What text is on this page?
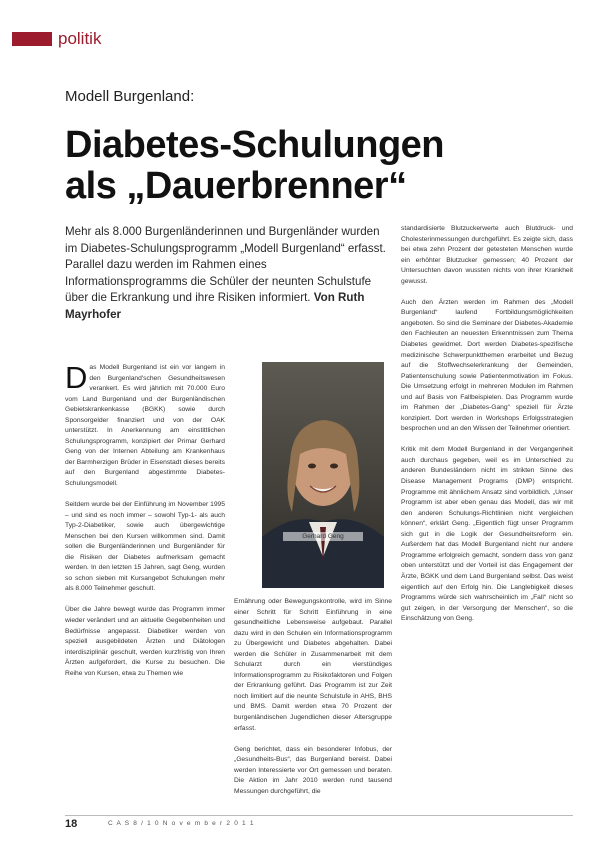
politik
Modell Burgenland:
Diabetes-Schulungen
als „Dauerbrenner“
Mehr als 8.000 Burgenländerinnen und Burgenländer wurden im Diabetes-Schulungsprogramm „Modell Burgenland“ erfasst. Parallel dazu werden im Rahmen eines Informationsprogramms die Schüler der neunten Schulstufe über die Erkrankung und ihre Risiken informiert. Von Ruth Mayrhofer

Das Modell Burgenland ist ein vor langem in den Burgenland'schen Gesundheitswesen verankert. Es wird jährlich mit 70.000 Euro vom Land Burgenland und der Burgenländischen Gebietskrankenkasse (BGKK) sowie durch Sponsorgelder finanziert und von der OAK unterstützt. In Anerkennung am einstittlichen Schulungsprogramm, konzipiert der Primar Gerhard Geng von der Internen Abteilung am Krankenhaus der Barmherzigen Brüder in Eisenstadt dieses bereits auf den Burgenland abgestimmte Diabetes-Schulungsmodell.

Seitdem wurde bei der Einführung im November 1995 – und sind es noch immer – sowohl Typ-1- als auch Typ-2-Diabetiker, sowie auch übergewichtige Menschen bei den Kursen willkommen sind. Damit sollen die Burgenländerinnen und Burgenländer für die Risiken der Diabetes aufmerksam gemacht werden. In den letzten 15 Jahren, sagt Geng, wurden so schon sieben mit Kursangebot Schulungen mehr als 8.000 Teilnehmer geschult.

Über die Jahre bewegt wurde das Programm immer wieder verändert und an aktuelle Gegebenheiten und Bedürfnisse angepasst. Diabetiker werden von speziell ausgebildeten Ärzten und Diätologen interdisziplinär geschult, werden kurzfristig von Ihren Ärzten aufgefordert, die Kurse zu besuchen. Die Reihe von Kursen, etwa zu Themen wie

Gerhard Geng

Ernährung oder Bewegungskontrolle, wird im Sinne einer Schritt für Schritt Einführung in eine gesundheitliche Lebensweise aufgebaut. Parallel dazu wird in den Schulen ein Informationsprogramm zu Übergewicht und Diabetes abgehalten. Dabei werden die Schüler in Zusammenarbeit mit dem Schularzt durch ein vierstündiges Informationsprogramm zu Risikofaktoren und Folgen der Erkrankung geführt. Das Programm ist zur Zeit noch limitiert auf die neunte Schulstufe in AHS, BHS und BMS. Damit werden etwa 70 Prozent der burgenländischen Jugendlichen dieser Altersgruppe erfasst.

Geng berichtet, dass ein besonderer Infobus, der „Gesundheits-Bus“, das Burgenland bereist. Dabei werden Interessierte vor Ort gemessen und beraten. Die Aktion im Jahr 2010 werden rund tausend Messungen durchgeführt, die

standardisierte Blutzuckerwerte auch Blutdruck- und Cholesterinmessungen durchgeführt. Es zeigte sich, dass bei etwa zehn Prozent der getesteten Menschen wurde ein erhöhter Blutzucker gemessen; 40 Prozent der Untersuchten davon wussten nichts von ihrer Krankheit gewusst.

Auch den Ärzten werden im Rahmen des „Modell Burgenland“ laufend Fortbildungsmöglichkeiten angeboten. So sind die Seminare der Diabetes-Akademie den Fachleuten an neuesten Erkenntnissen zum Thema Diabetes gewidmet. Dort werden Diabetes-spezifische medizinische Schwerpunktthemen erarbeitet und Bezug auf die Stoffwechselerkrankung der Gemeinden, Patientenschulung sowie Patientenmotivation im Fokus. Die Umsetzung erfolgt in mehreren Modulen im Rahmen und auf Basis von Fallbeispielen. Das Programm wurde im Rahmen der „Diabetes-Gang“ speziell für Ärzte konzipiert. Dort werden in Workshops Erfolgsstrategien besprochen und an den Wissen der Teilnehmer orientiert.

Kritik mit dem Modell Burgenland in der Vergangenheit auch durchaus gegeben, weil es im Unterschied zu anderen Bundesländern nicht im strikten Sinne des Disease Management Programs (DMP) entspricht. Programme mit ähnlichem Ansatz sind vorbildlich. „Unser Programm ist aber eben genau das Modell, das wir mit den anderen Schulungs-Richtlinien nicht vergleichen können“, erklärt Geng. „Eigentlich fügt unser Programm sich gut in die Logik der Gesundheitsreform ein. Außerdem hat das Modell Burgenland nicht nur andere Programme erfolgreich gemacht, sondern dass von ganz oben unterstützt und der Vorteil ist das Engagement der Ärzte, BGKK und dem Land Burgenland selbst. Das weist eigentlich auf den Erfolg hin. Die Langlebigkeit dieses Programms würde sich wahrscheinlich im „Fall“ nicht so gut zeigen, in der Versorgung der Menschen“, so die Einschätzung von Geng.

18	C A S 8 / 1 0 N o v e m b e r 2 0 1 1
